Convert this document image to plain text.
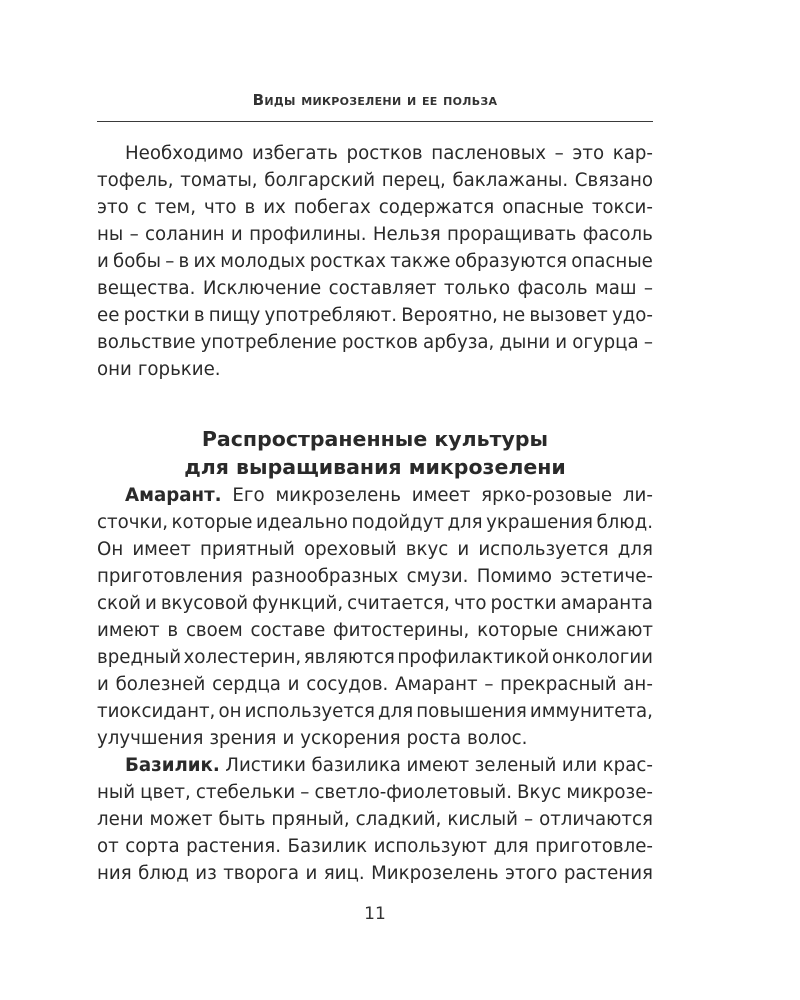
Виды микрозелени и ее польза
Необходимо избегать ростков пасленовых – это кар-
тофель, томаты, болгарский перец, баклажаны. Связано
это с тем, что в их побегах содержатся опасные токси-
ны – соланин и профилины. Нельзя проращивать фасоль
и бобы – в их молодых ростках также образуются опасные
вещества. Исключение составляет только фасоль маш –
ее ростки в пищу употребляют. Вероятно, не вызовет удо-
вольствие употребление ростков арбуза, дыни и огурца –
они горькие.
Распространенные культуры
для выращивания микрозелени
Амарант. Его микрозелень имеет ярко-розовые ли-
сточки, которые идеально подойдут для украшения блюд.
Он имеет приятный ореховый вкус и используется для
приготовления разнообразных смузи. Помимо эстетиче-
ской и вкусовой функций, считается, что ростки амаранта
имеют в своем составе фитостерины, которые снижают
вредный холестерин, являются профилактикой онкологии
и болезней сердца и сосудов. Амарант – прекрасный ан-
тиоксидант, он используется для повышения иммунитета,
улучшения зрения и ускорения роста волос.
Базилик. Листики базилика имеют зеленый или крас-
ный цвет, стебельки – светло-фиолетовый. Вкус микрозе-
лени может быть пряный, сладкий, кислый – отличаются
от сорта растения. Базилик используют для приготовле-
ния блюд из творога и яиц. Микрозелень этого растения
11
